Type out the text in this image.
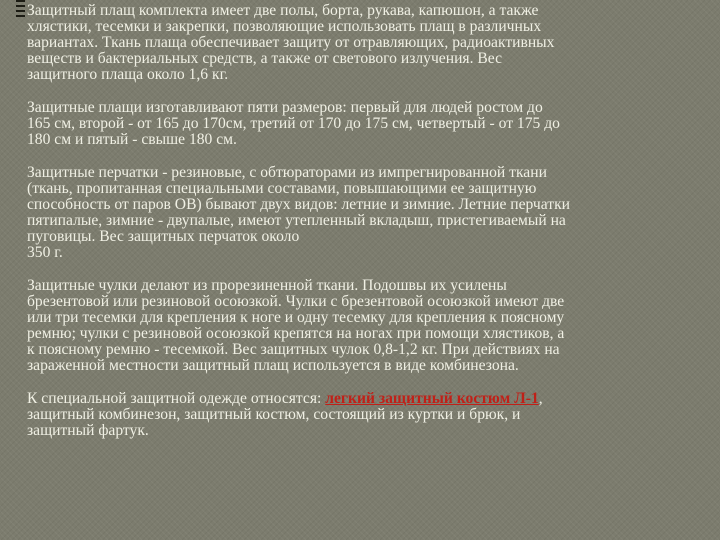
Защитный плащ комплекта имеет две полы, борта, рукава, капюшон, а также
хлястики, тесемки и закрепки, позволяющие использовать плащ в различных
вариантах. Ткань плаща обеспечивает защиту от отравляющих, радиоактивных
веществ и бактериальных средств, а также от светового излучения. Вес
защитного плаща около 1,6 кг.

Защитные плащи изготавливают пяти размеров: первый для людей ростом до
165 см, второй - от 165 до 170см, третий от 170 до 175 см, четвертый - от 175 до
180 см и пятый - свыше 180 см.

Защитные перчатки - резиновые, с обтюраторами из импрегнированной ткани
(ткань, пропитанная специальными составами, повышающими ее защитную
способность от паров ОВ) бывают двух видов: летние и зимние. Летние перчатки
пятипалые, зимние - двупалые, имеют утепленный вкладыш, пристегиваемый на
пуговицы. Вес защитных перчаток около
350 г.

Защитные чулки делают из прорезиненной ткани. Подошвы их усилены
брезентовой или резиновой осоюзкой. Чулки с брезентовой осоюзкой имеют две
или три тесемки для крепления к ноге и одну тесемку для крепления к поясному
ремню; чулки с резиновой осоюзкой крепятся на ногах при помощи хлястиков, а
к поясному ремню - тесемкой. Вес защитных чулок 0,8-1,2 кг. При действиях на
зараженной местности защитный плащ используется в виде комбинезона.

К специальной защитной одежде относятся: легкий защитный костюм Л-1,
защитный комбинезон, защитный костюм, состоящий из куртки и брюк, и
защитный фартук.
